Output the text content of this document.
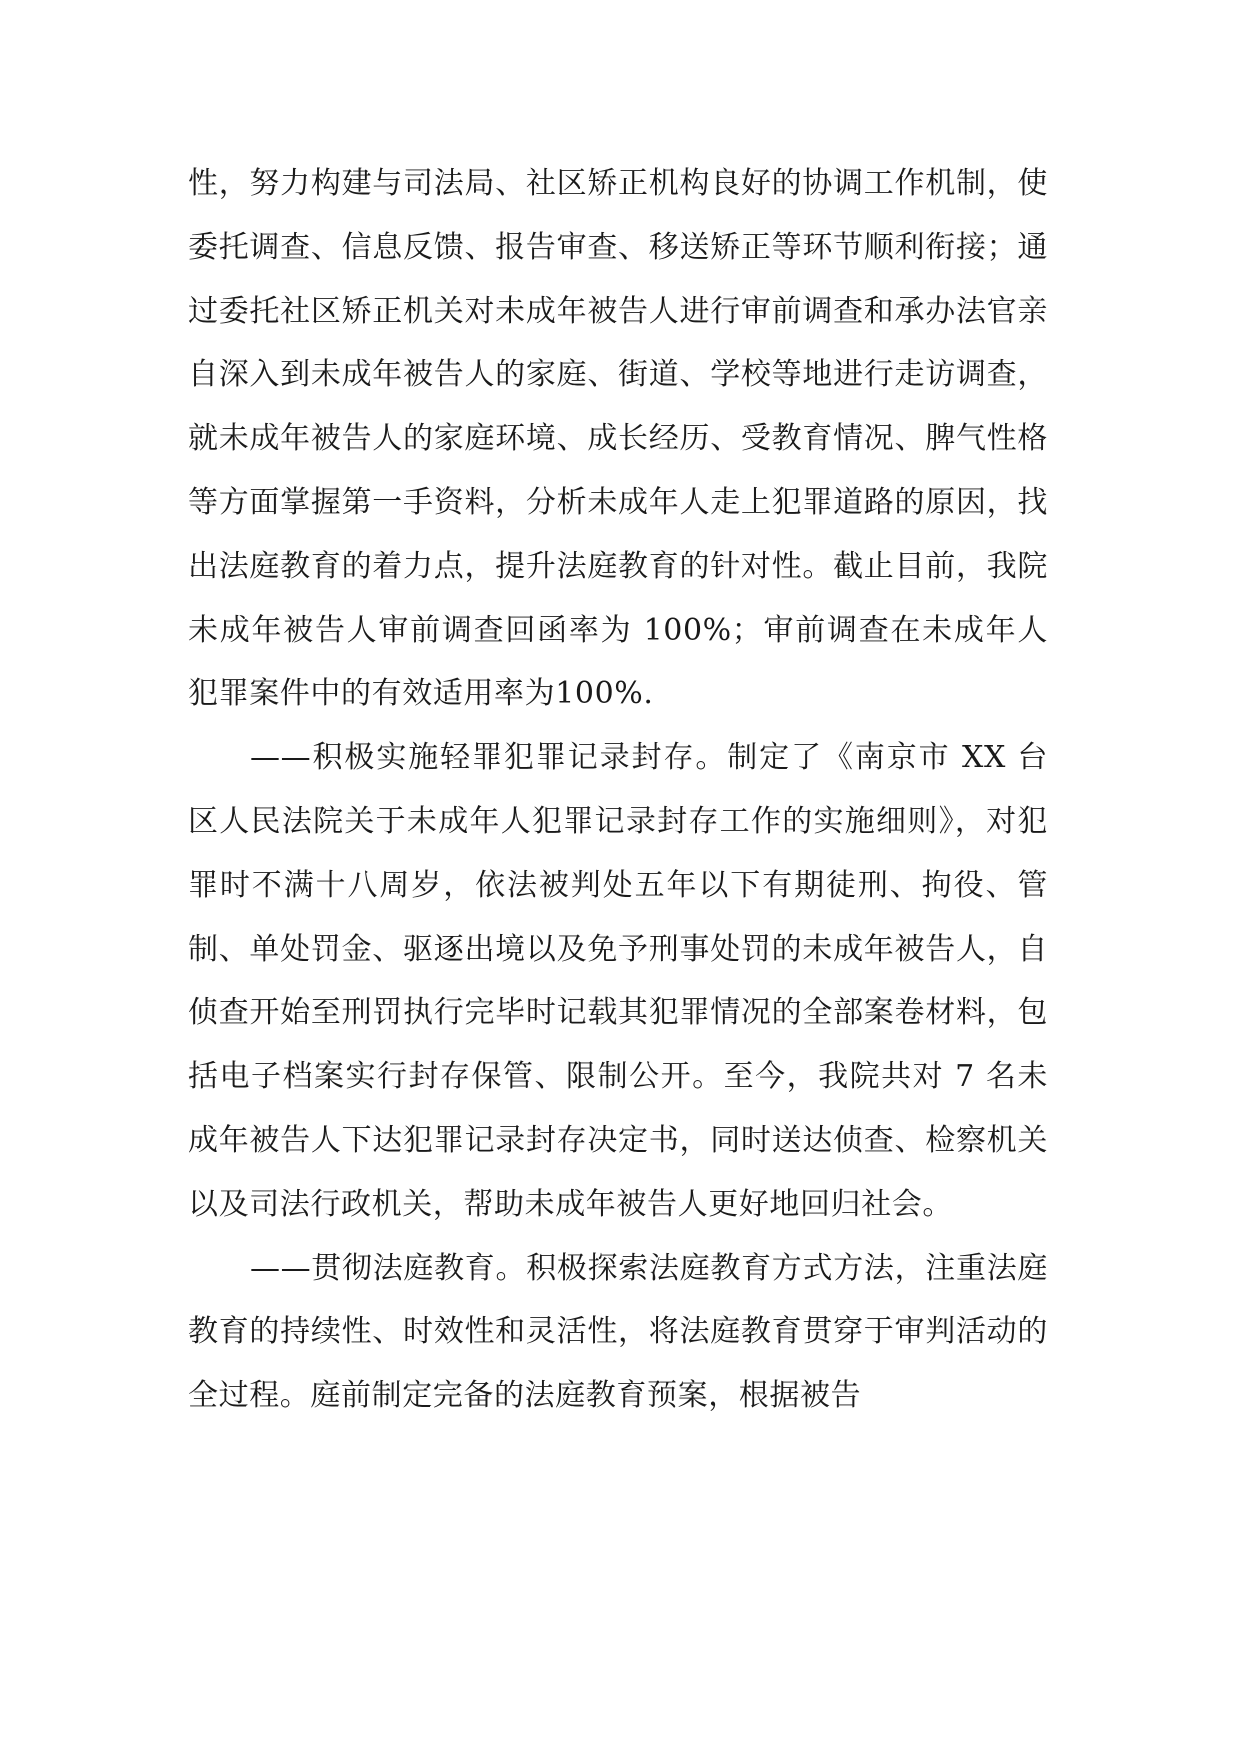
性，努力构建与司法局、社区矫正机构良好的协调工作机制，使委托调查、信息反馈、报告审查、移送矫正等环节顺利衔接；通过委托社区矫正机关对未成年被告人进行审前调查和承办法官亲自深入到未成年被告人的家庭、街道、学校等地进行走访调查，就未成年被告人的家庭环境、成长经历、受教育情况、脾气性格等方面掌握第一手资料，分析未成年人走上犯罪道路的原因，找出法庭教育的着力点，提升法庭教育的针对性。截止目前，我院未成年被告人审前调查回函率为 100%；审前调查在未成年人犯罪案件中的有效适用率为100%.

——积极实施轻罪犯罪记录封存。制定了《南京市 XX 台区人民法院关于未成年人犯罪记录封存工作的实施细则》，对犯罪时不满十八周岁，依法被判处五年以下有期徒刑、拘役、管制、单处罚金、驱逐出境以及免予刑事处罚的未成年被告人，自侦查开始至刑罚执行完毕时记载其犯罪情况的全部案卷材料，包括电子档案实行封存保管、限制公开。至今，我院共对 7 名未成年被告人下达犯罪记录封存决定书，同时送达侦查、检察机关以及司法行政机关，帮助未成年被告人更好地回归社会。

——贯彻法庭教育。积极探索法庭教育方式方法，注重法庭教育的持续性、时效性和灵活性，将法庭教育贯穿于审判活动的全过程。庭前制定完备的法庭教育预案，根据被告
